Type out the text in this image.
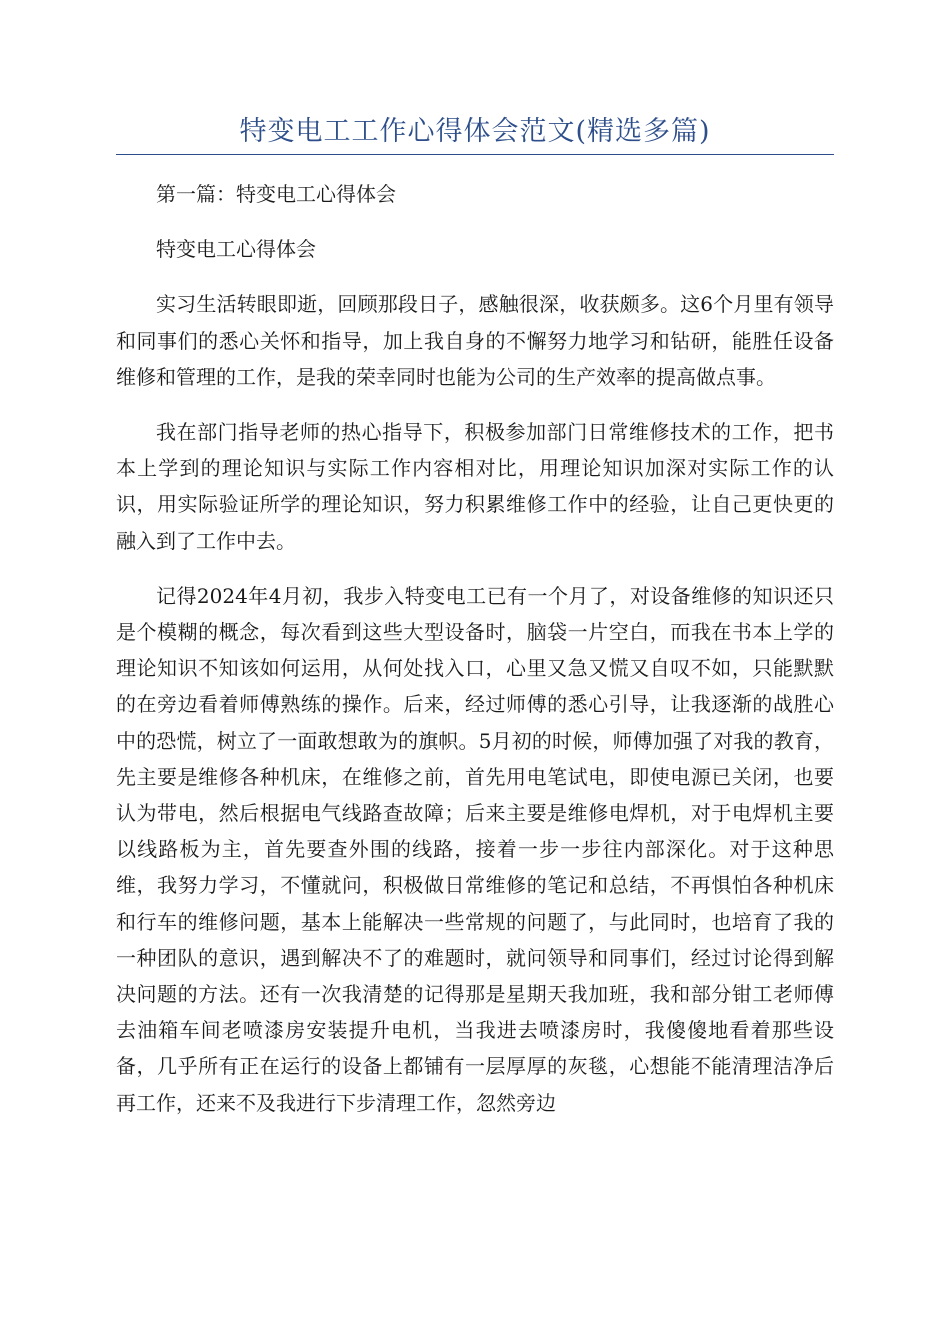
特变电工工作心得体会范文(精选多篇)

第一篇：特变电工心得体会

特变电工心得体会

实习生活转眼即逝，回顾那段日子，感触很深，收获颇多。这6个月里有领导和同事们的悉心关怀和指导，加上我自身的不懈努力地学习和钻研，能胜任设备维修和管理的工作，是我的荣幸同时也能为公司的生产效率的提高做点事。

我在部门指导老师的热心指导下，积极参加部门日常维修技术的工作，把书本上学到的理论知识与实际工作内容相对比，用理论知识加深对实际工作的认识，用实际验证所学的理论知识，努力积累维修工作中的经验，让自己更快更的融入到了工作中去。

记得2024年4月初，我步入特变电工已有一个月了，对设备维修的知识还只是个模糊的概念，每次看到这些大型设备时，脑袋一片空白，而我在书本上学的理论知识不知该如何运用，从何处找入口，心里又急又慌又自叹不如，只能默默的在旁边看着师傅熟练的操作。后来，经过师傅的悉心引导，让我逐渐的战胜心中的恐慌，树立了一面敢想敢为的旗帜。5月初的时候，师傅加强了对我的教育，先主要是维修各种机床，在维修之前，首先用电笔试电，即使电源已关闭，也要认为带电，然后根据电气线路查故障；后来主要是维修电焊机，对于电焊机主要以线路板为主，首先要查外围的线路，接着一步一步往内部深化。对于这种思维，我努力学习，不懂就问，积极做日常维修的笔记和总结，不再惧怕各种机床和行车的维修问题，基本上能解决一些常规的问题了，与此同时，也培育了我的一种团队的意识，遇到解决不了的难题时，就问领导和同事们，经过讨论得到解决问题的方法。还有一次我清楚的记得那是星期天我加班，我和部分钳工老师傅去油箱车间老喷漆房安装提升电机，当我进去喷漆房时，我傻傻地看着那些设备，几乎所有正在运行的设备上都铺有一层厚厚的灰毯，心想能不能清理洁净后再工作，还来不及我进行下步清理工作，忽然旁边
